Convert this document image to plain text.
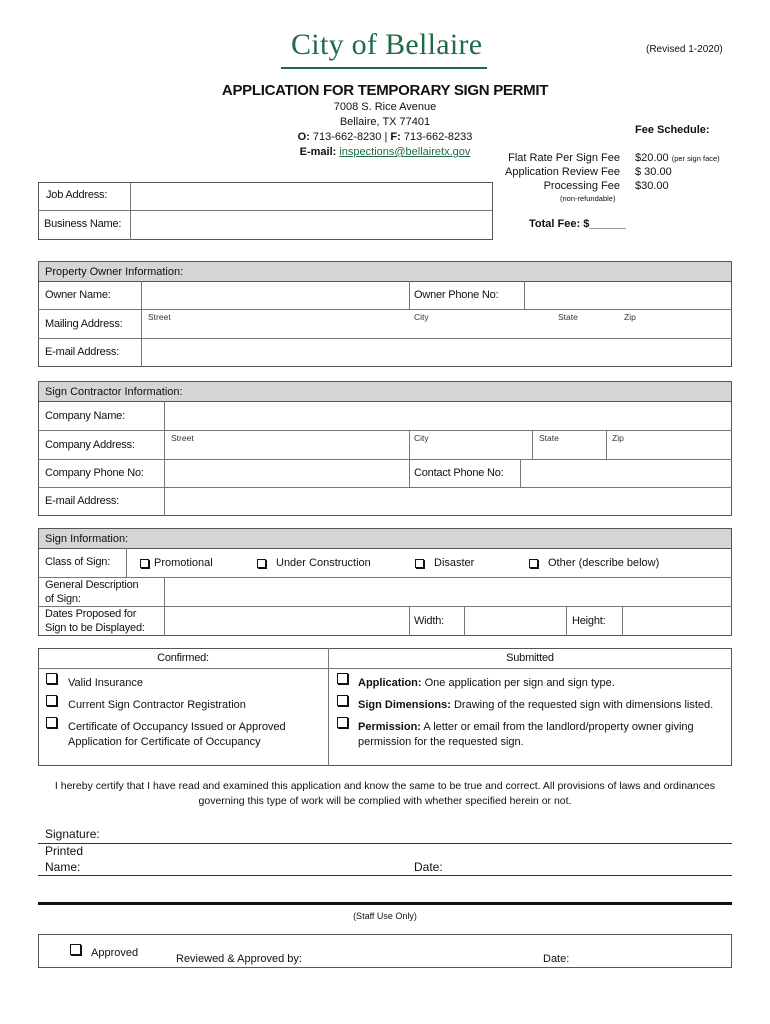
City of Bellaire	(Revised 1-2020)
APPLICATION FOR TEMPORARY SIGN PERMIT
7008 S. Rice Avenue
Bellaire, TX 77401
O: 713-662-8230 | F: 713-662-8233
E-mail: inspections@bellairetx.gov
Fee Schedule:
Flat Rate Per Sign Fee $20.00 (per sign face)
Application Review Fee $ 30.00
Processing Fee $30.00
(non-refundable)
Total Fee: $______
Job Address:
Business Name:
Property Owner Information:
Owner Name:	Owner Phone No:
Mailing Address:
Street	City	State	Zip
E-mail Address:
Sign Contractor Information:
Company Name:
Company Address:
Street	City	State	Zip
Company Phone No:	Contact Phone No:
E-mail Address:
Sign Information:
Class of Sign:	Promotional	Under Construction	Disaster	Other (describe below)
General Description
of Sign:
Dates Proposed for
Sign to be Displayed:
Width:	Height:
Confirmed:	Submitted
Valid Insurance
Current Sign Contractor Registration
Certificate of Occupancy Issued or Approved
Application for Certificate of Occupancy
Application: One application per sign and sign type.
Sign Dimensions: Drawing of the requested sign with dimensions listed.
Permission: A letter or email from the landlord/property owner giving
permission for the requested sign.
I hereby certify that I have read and examined this application and know the same to be true and correct. All provisions of laws and ordinances
governing this type of work will be complied with whether specified herein or not.
Signature:
Printed
Name:	Date:
(Staff Use Only)
Approved	Reviewed & Approved by:	Date:
